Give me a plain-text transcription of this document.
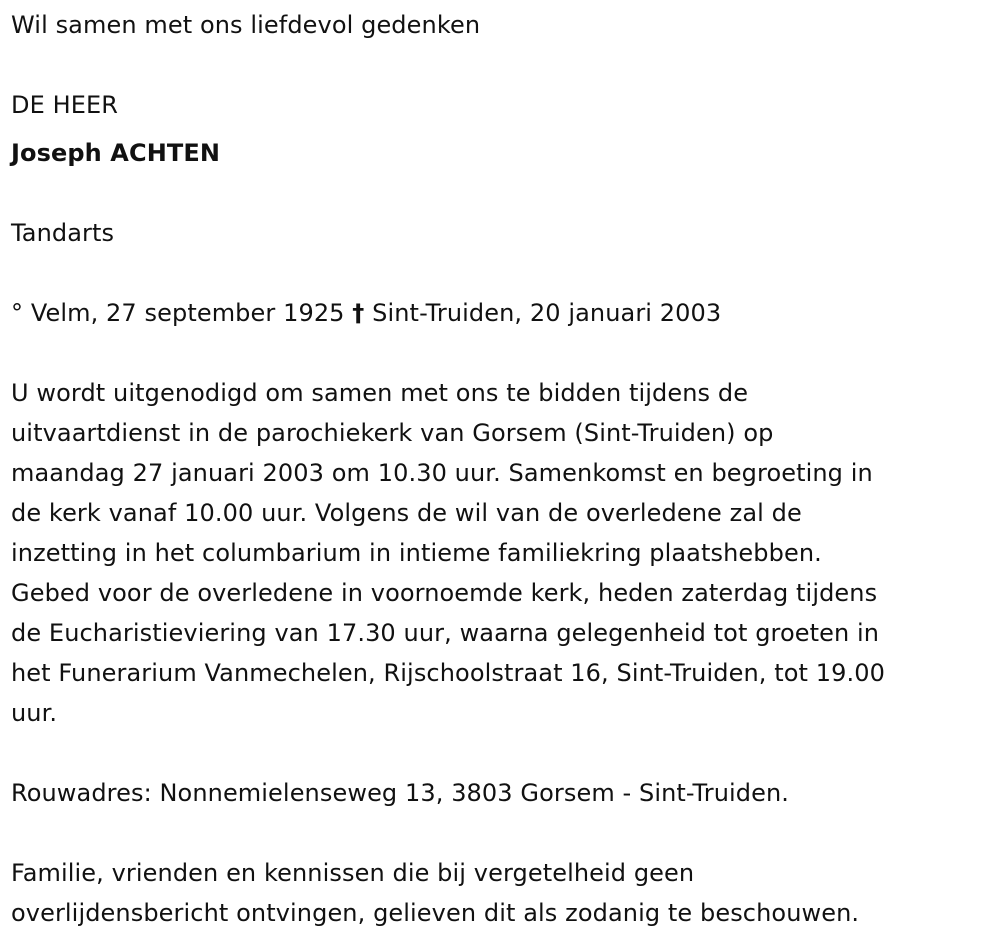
Wil samen met ons liefdevol gedenken
DE HEER
Joseph ACHTEN
Tandarts
° Velm, 27 september 1925 † Sint-Truiden, 20 januari 2003
U wordt uitgenodigd om samen met ons te bidden tijdens de
uitvaartdienst in de parochiekerk van Gorsem (Sint-Truiden) op
maandag 27 januari 2003 om 10.30 uur. Samenkomst en begroeting in
de kerk vanaf 10.00 uur. Volgens de wil van de overledene zal de
inzetting in het columbarium in intieme familiekring plaatshebben.
Gebed voor de overledene in voornoemde kerk, heden zaterdag tijdens
de Eucharistieviering van 17.30 uur, waarna gelegenheid tot groeten in
het Funerarium Vanmechelen, Rijschoolstraat 16, Sint-Truiden, tot 19.00
uur.
Rouwadres: Nonnemielenseweg 13, 3803 Gorsem - Sint-Truiden.
Familie, vrienden en kennissen die bij vergetelheid geen
overlijdensbericht ontvingen, gelieven dit als zodanig te beschouwen.
